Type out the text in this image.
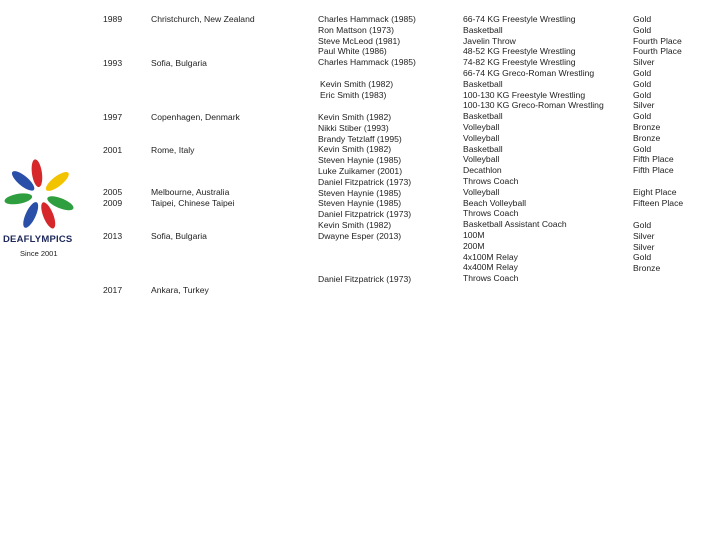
1989
1993
1997
2001
2005
2009
2013
2017
Christchurch, New Zealand
Sofia, Bulgaria
Copenhagen, Denmark
Rome, Italy
Melbourne, Australia
Taipei, Chinese Taipei
Sofia, Bulgaria
Ankara, Turkey
Charles Hammack (1985)
Ron Mattson (1973)
Steve McLeod (1981)
Paul White (1986)
Charles Hammack (1985)
Kevin Smith (1982)
Eric Smith (1983)
Kevin Smith (1982)
Nikki Stiber (1993)
Brandy Tetzlaff (1995)
Kevin Smith (1982)
Steven Haynie (1985)
Luke Zuikamer (2001)
Daniel Fitzpatrick (1973)
Steven Haynie (1985)
Steven Haynie (1985)
Daniel Fitzpatrick (1973)
Kevin Smith (1982)
Dwayne Esper (2013)
Daniel Fitzpatrick (1973)
66-74 KG Freestyle Wrestling
Basketball
Javelin Throw
48-52 KG Freestyle Wrestling
74-82 KG Freestyle Wrestling
66-74 KG Greco-Roman Wrestling
Basketball
100-130 KG Freestyle Wrestling
100-130 KG Greco-Roman Wrestling
Basketball
Volleyball
Volleyball
Basketball
Volleyball
Decathlon
Throws Coach
Volleyball
Beach Volleyball
Throws Coach
Basketball Assistant Coach
100M
200M
4x100M Relay
4x400M Relay
Throws Coach
Gold
Gold
Fourth Place
Fourth Place
Silver
Gold
Gold
Gold
Silver
Gold
Bronze
Bronze
Gold
Fifth Place
Fifth Place
Eight Place
Fifteen Place
Gold
Silver
Silver
Gold
Bronze
DEAFLYMPICS
Since 2001
